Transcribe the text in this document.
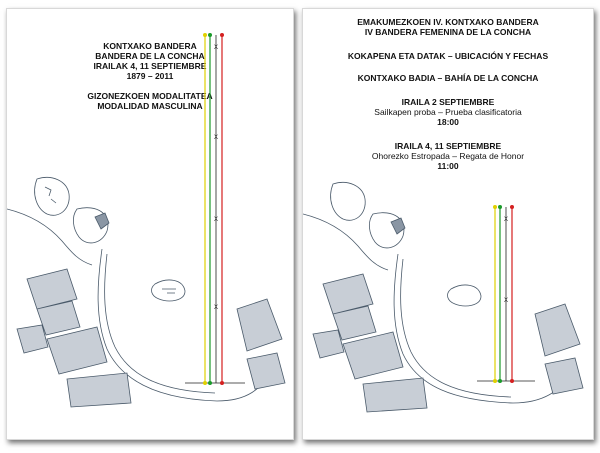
KONTXAKO BANDERA
BANDERA DE LA CONCHA
IRAILAK 4, 11 SEPTIEMBRE
1879 – 2011
GIZONEZKOEN MODALITATEA
MODALIDAD MASCULINA
X
X
X
X
EMAKUMEZKOEN IV. KONTXAKO BANDERA
IV BANDERA FEMENINA DE LA CONCHA
KOKAPENA ETA DATAK – UBICACIÓN Y FECHAS
KONTXAKO BADIA – BAHÍA DE LA CONCHA
IRAILA 2 SEPTIEMBRE
Sailkapen proba – Prueba clasificatoria
18:00
IRAILA 4, 11 SEPTIEMBRE
Ohorezko Estropada – Regata de Honor
11:00
X
X
